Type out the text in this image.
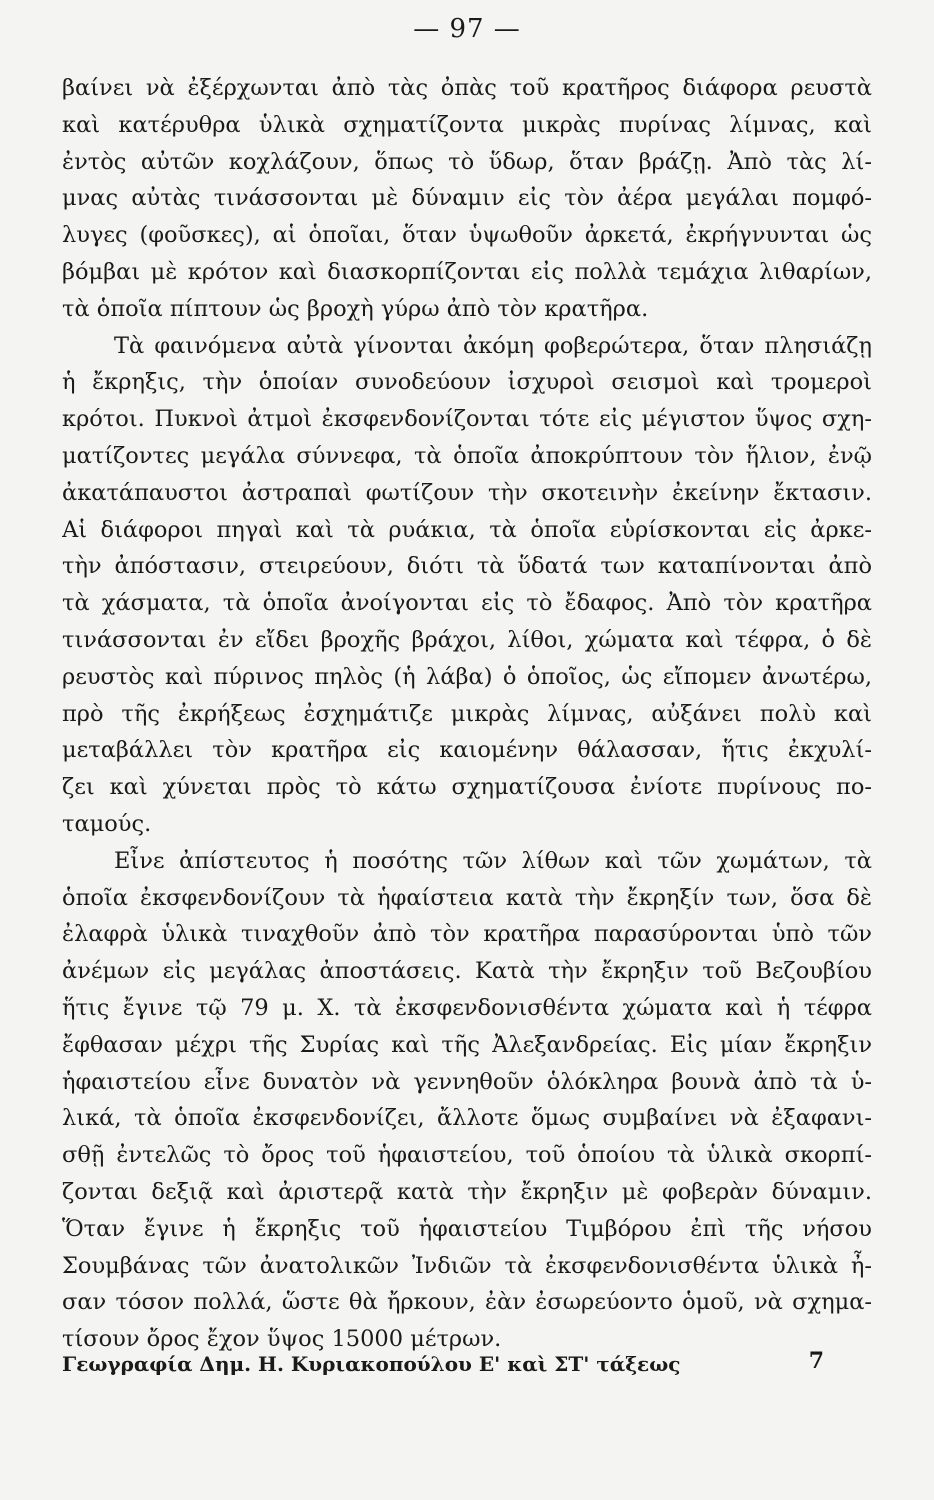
— 97 —
βαίνει νὰ ἐξέρχωνται ἀπὸ τὰς ὀπὰς τοῦ κρατῆρος διάφορα ρευστὰ
καὶ κατέρυθρα ὑλικὰ σχηματίζοντα μικρὰς πυρίνας λίμνας, καὶ
ἐντὸς αὐτῶν κοχλάζουν, ὅπως τὸ ὕδωρ, ὅταν βράζῃ. Ἀπὸ τὰς λί-
μνας αὐτὰς τινάσσονται μὲ δύναμιν εἰς τὸν ἀέρα μεγάλαι πομφό-
λυγες (φοῦσκες), αἱ ὁποῖαι, ὅταν ὑψωθοῦν ἀρκετά, ἐκρήγνυνται ὡς
βόμβαι μὲ κρότον καὶ διασκορπίζονται εἰς πολλὰ τεμάχια λιθαρίων,
τὰ ὁποῖα πίπτουν ὡς βροχὴ γύρω ἀπὸ τὸν κρατῆρα.
Τὰ φαινόμενα αὐτὰ γίνονται ἀκόμη φοβερώτερα, ὅταν πλησιάζῃ
ἡ ἔκρηξις, τὴν ὁποίαν συνοδεύουν ἰσχυροὶ σεισμοὶ καὶ τρομεροὶ
κρότοι. Πυκνοὶ ἀτμοὶ ἐκσφενδονίζονται τότε εἰς μέγιστον ὕψος σχη-
ματίζοντες μεγάλα σύννεφα, τὰ ὁποῖα ἀποκρύπτουν τὸν ἥλιον, ἐνῷ
ἀκατάπαυστοι ἀστραπαὶ φωτίζουν τὴν σκοτεινὴν ἐκείνην ἔκτασιν.
Αἱ διάφοροι πηγαὶ καὶ τὰ ρυάκια, τὰ ὁποῖα εὑρίσκονται εἰς ἀρκε-
τὴν ἀπόστασιν, στειρεύουν, διότι τὰ ὕδατά των καταπίνονται ἀπὸ
τὰ χάσματα, τὰ ὁποῖα ἀνοίγονται εἰς τὸ ἔδαφος. Ἀπὸ τὸν κρατῆρα
τινάσσονται ἐν εἴδει βροχῆς βράχοι, λίθοι, χώματα καὶ τέφρα, ὁ δὲ
ρευστὸς καὶ πύρινος πηλὸς (ἡ λάβα) ὁ ὁποῖος, ὡς εἴπομεν ἀνωτέρω,
πρὸ τῆς ἐκρήξεως ἐσχημάτιζε μικρὰς λίμνας, αὐξάνει πολὺ καὶ
μεταβάλλει τὸν κρατῆρα εἰς καιομένην θάλασσαν, ἥτις ἐκχυλί-
ζει καὶ χύνεται πρὸς τὸ κάτω σχηματίζουσα ἐνίοτε πυρίνους πο-
ταμούς.
Εἶνε ἀπίστευτος ἡ ποσότης τῶν λίθων καὶ τῶν χωμάτων, τὰ
ὁποῖα ἐκσφενδονίζουν τὰ ἡφαίστεια κατὰ τὴν ἔκρηξίν των, ὅσα δὲ
ἐλαφρὰ ὑλικὰ τιναχθοῦν ἀπὸ τὸν κρατῆρα παρασύρονται ὑπὸ τῶν
ἀνέμων εἰς μεγάλας ἀποστάσεις. Κατὰ τὴν ἔκρηξιν τοῦ Βεζουβίου
ἥτις ἔγινε τῷ 79 μ. Χ. τὰ ἐκσφενδονισθέντα χώματα καὶ ἡ τέφρα
ἔφθασαν μέχρι τῆς Συρίας καὶ τῆς Ἀλεξανδρείας. Εἰς μίαν ἔκρηξιν
ἡφαιστείου εἶνε δυνατὸν νὰ γεννηθοῦν ὁλόκληρα βουνὰ ἀπὸ τὰ ὑ-
λικά, τὰ ὁποῖα ἐκσφενδονίζει, ἄλλοτε ὅμως συμβαίνει νὰ ἐξαφανι-
σθῇ ἐντελῶς τὸ ὄρος τοῦ ἡφαιστείου, τοῦ ὁποίου τὰ ὑλικὰ σκορπί-
ζονται δεξιᾷ καὶ ἀριστερᾷ κατὰ τὴν ἔκρηξιν μὲ φοβερὰν δύναμιν.
Ὅταν ἔγινε ἡ ἔκρηξις τοῦ ἡφαιστείου Τιμβόρου ἐπὶ τῆς νήσου
Σουμβάνας τῶν ἀνατολικῶν Ἰνδιῶν τὰ ἐκσφενδονισθέντα ὑλικὰ ἦ-
σαν τόσον πολλά, ὥστε θὰ ἤρκουν, ἐὰν ἐσωρεύοντο ὁμοῦ, νὰ σχημα-
τίσουν ὄρος ἔχον ὕψος 15000 μέτρων.
Γεωγραφία Δημ. Η. Κυριακοπούλου Ε' καὶ ΣΤ' τάξεως	7
